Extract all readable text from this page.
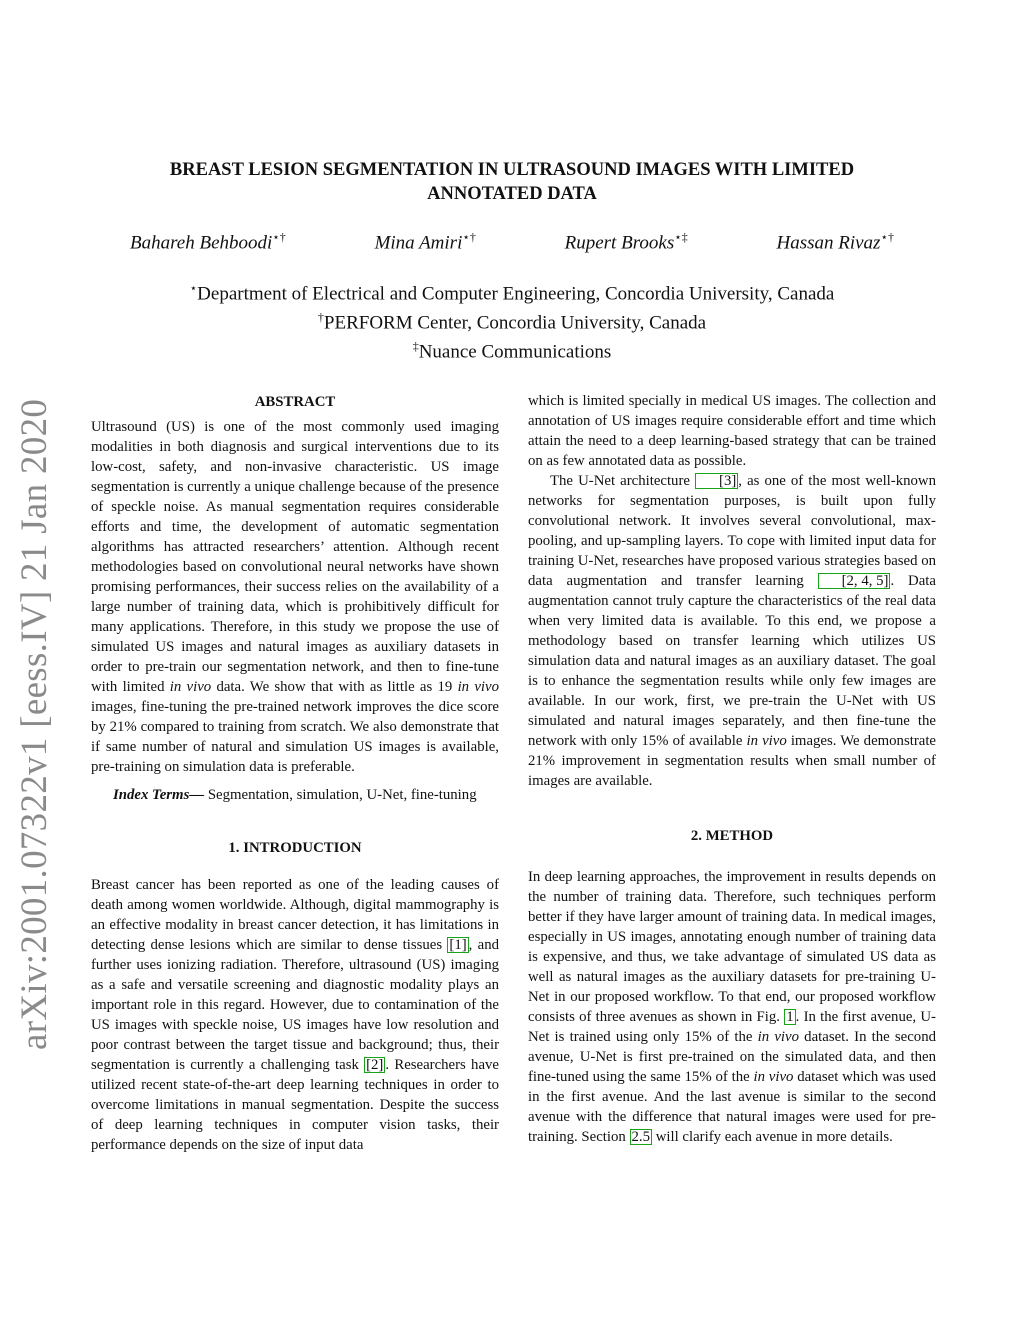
arXiv:2001.07322v1 [eess.IV] 21 Jan 2020
BREAST LESION SEGMENTATION IN ULTRASOUND IMAGES WITH LIMITED
ANNOTATED DATA
Bahareh Behboodi⋆†	Mina Amiri⋆†	Rupert Brooks⋆‡	Hassan Rivaz⋆†
⋆Department of Electrical and Computer Engineering, Concordia University, Canada
†PERFORM Center, Concordia University, Canada
‡Nuance Communications
ABSTRACT

Ultrasound (US) is one of the most commonly used imaging modalities in both diagnosis and surgical interventions due to its low-cost, safety, and non-invasive characteristic. US image segmentation is currently a unique challenge because of the presence of speckle noise. As manual segmentation requires considerable efforts and time, the development of automatic segmentation algorithms has attracted researchers’ attention. Although recent methodologies based on convolutional neural networks have shown promising performances, their success relies on the availability of a large number of training data, which is prohibitively difficult for many applications. Therefore, in this study we propose the use of simulated US images and natural images as auxiliary datasets in order to pre-train our segmentation network, and then to fine-tune with limited in vivo data. We show that with as little as 19 in vivo images, fine-tuning the pre-trained network improves the dice score by 21% compared to training from scratch. We also demonstrate that if same number of natural and simulation US images is available, pre-training on simulation data is preferable.

Index Terms— Segmentation, simulation, U-Net, fine-tuning

1. INTRODUCTION

Breast cancer has been reported as one of the leading causes of death among women worldwide. Although, digital mammography is an effective modality in breast cancer detection, it has limitations in detecting dense lesions which are similar to dense tissues [1] , and further uses ionizing radiation. Therefore, ultrasound (US) imaging as a safe and versatile screening and diagnostic modality plays an important role in this regard. However, due to contamination of the US images with speckle noise, US images have low resolution and poor contrast between the target tissue and background; thus, their segmentation is currently a challenging task [2] . Researchers have utilized recent state-of-the-art deep learning techniques in order to overcome limitations in manual segmentation. Despite the success of deep learning techniques in computer vision tasks, their performance depends on the size of input data

which is limited specially in medical US images. The collection and annotation of US images require considerable effort and time which attain the need to a deep learning-based strategy that can be trained on as few annotated data as possible.

The U-Net architecture [3] , as one of the most well-known networks for segmentation purposes, is built upon fully convolutional network. It involves several convolutional, max-pooling, and up-sampling layers. To cope with limited input data for training U-Net, researches have proposed various strategies based on data augmentation and transfer learning [2, 4, 5] . Data augmentation cannot truly capture the characteristics of the real data when very limited data is available. To this end, we propose a methodology based on transfer learning which utilizes US simulation data and natural images as an auxiliary dataset. The goal is to enhance the segmentation results while only few images are available. In our work, first, we pre-train the U-Net with US simulated and natural images separately, and then fine-tune the network with only 15% of available in vivo images. We demonstrate 21% improvement in segmentation results when small number of images are available.

2. METHOD

In deep learning approaches, the improvement in results depends on the number of training data. Therefore, such techniques perform better if they have larger amount of training data. In medical images, especially in US images, annotating enough number of training data is expensive, and thus, we take advantage of simulated US data as well as natural images as the auxiliary datasets for pre-training U-Net in our proposed workflow. To that end, our proposed workflow consists of three avenues as shown in Fig. 1 . In the first avenue, U-Net is trained using only 15% of the in vivo dataset. In the second avenue, U-Net is first pre-trained on the simulated data, and then fine-tuned using the same 15% of the in vivo dataset which was used in the first avenue. And the last avenue is similar to the second avenue with the difference that natural images were used for pre-training. Section 2.5 will clarify each avenue in more details.
